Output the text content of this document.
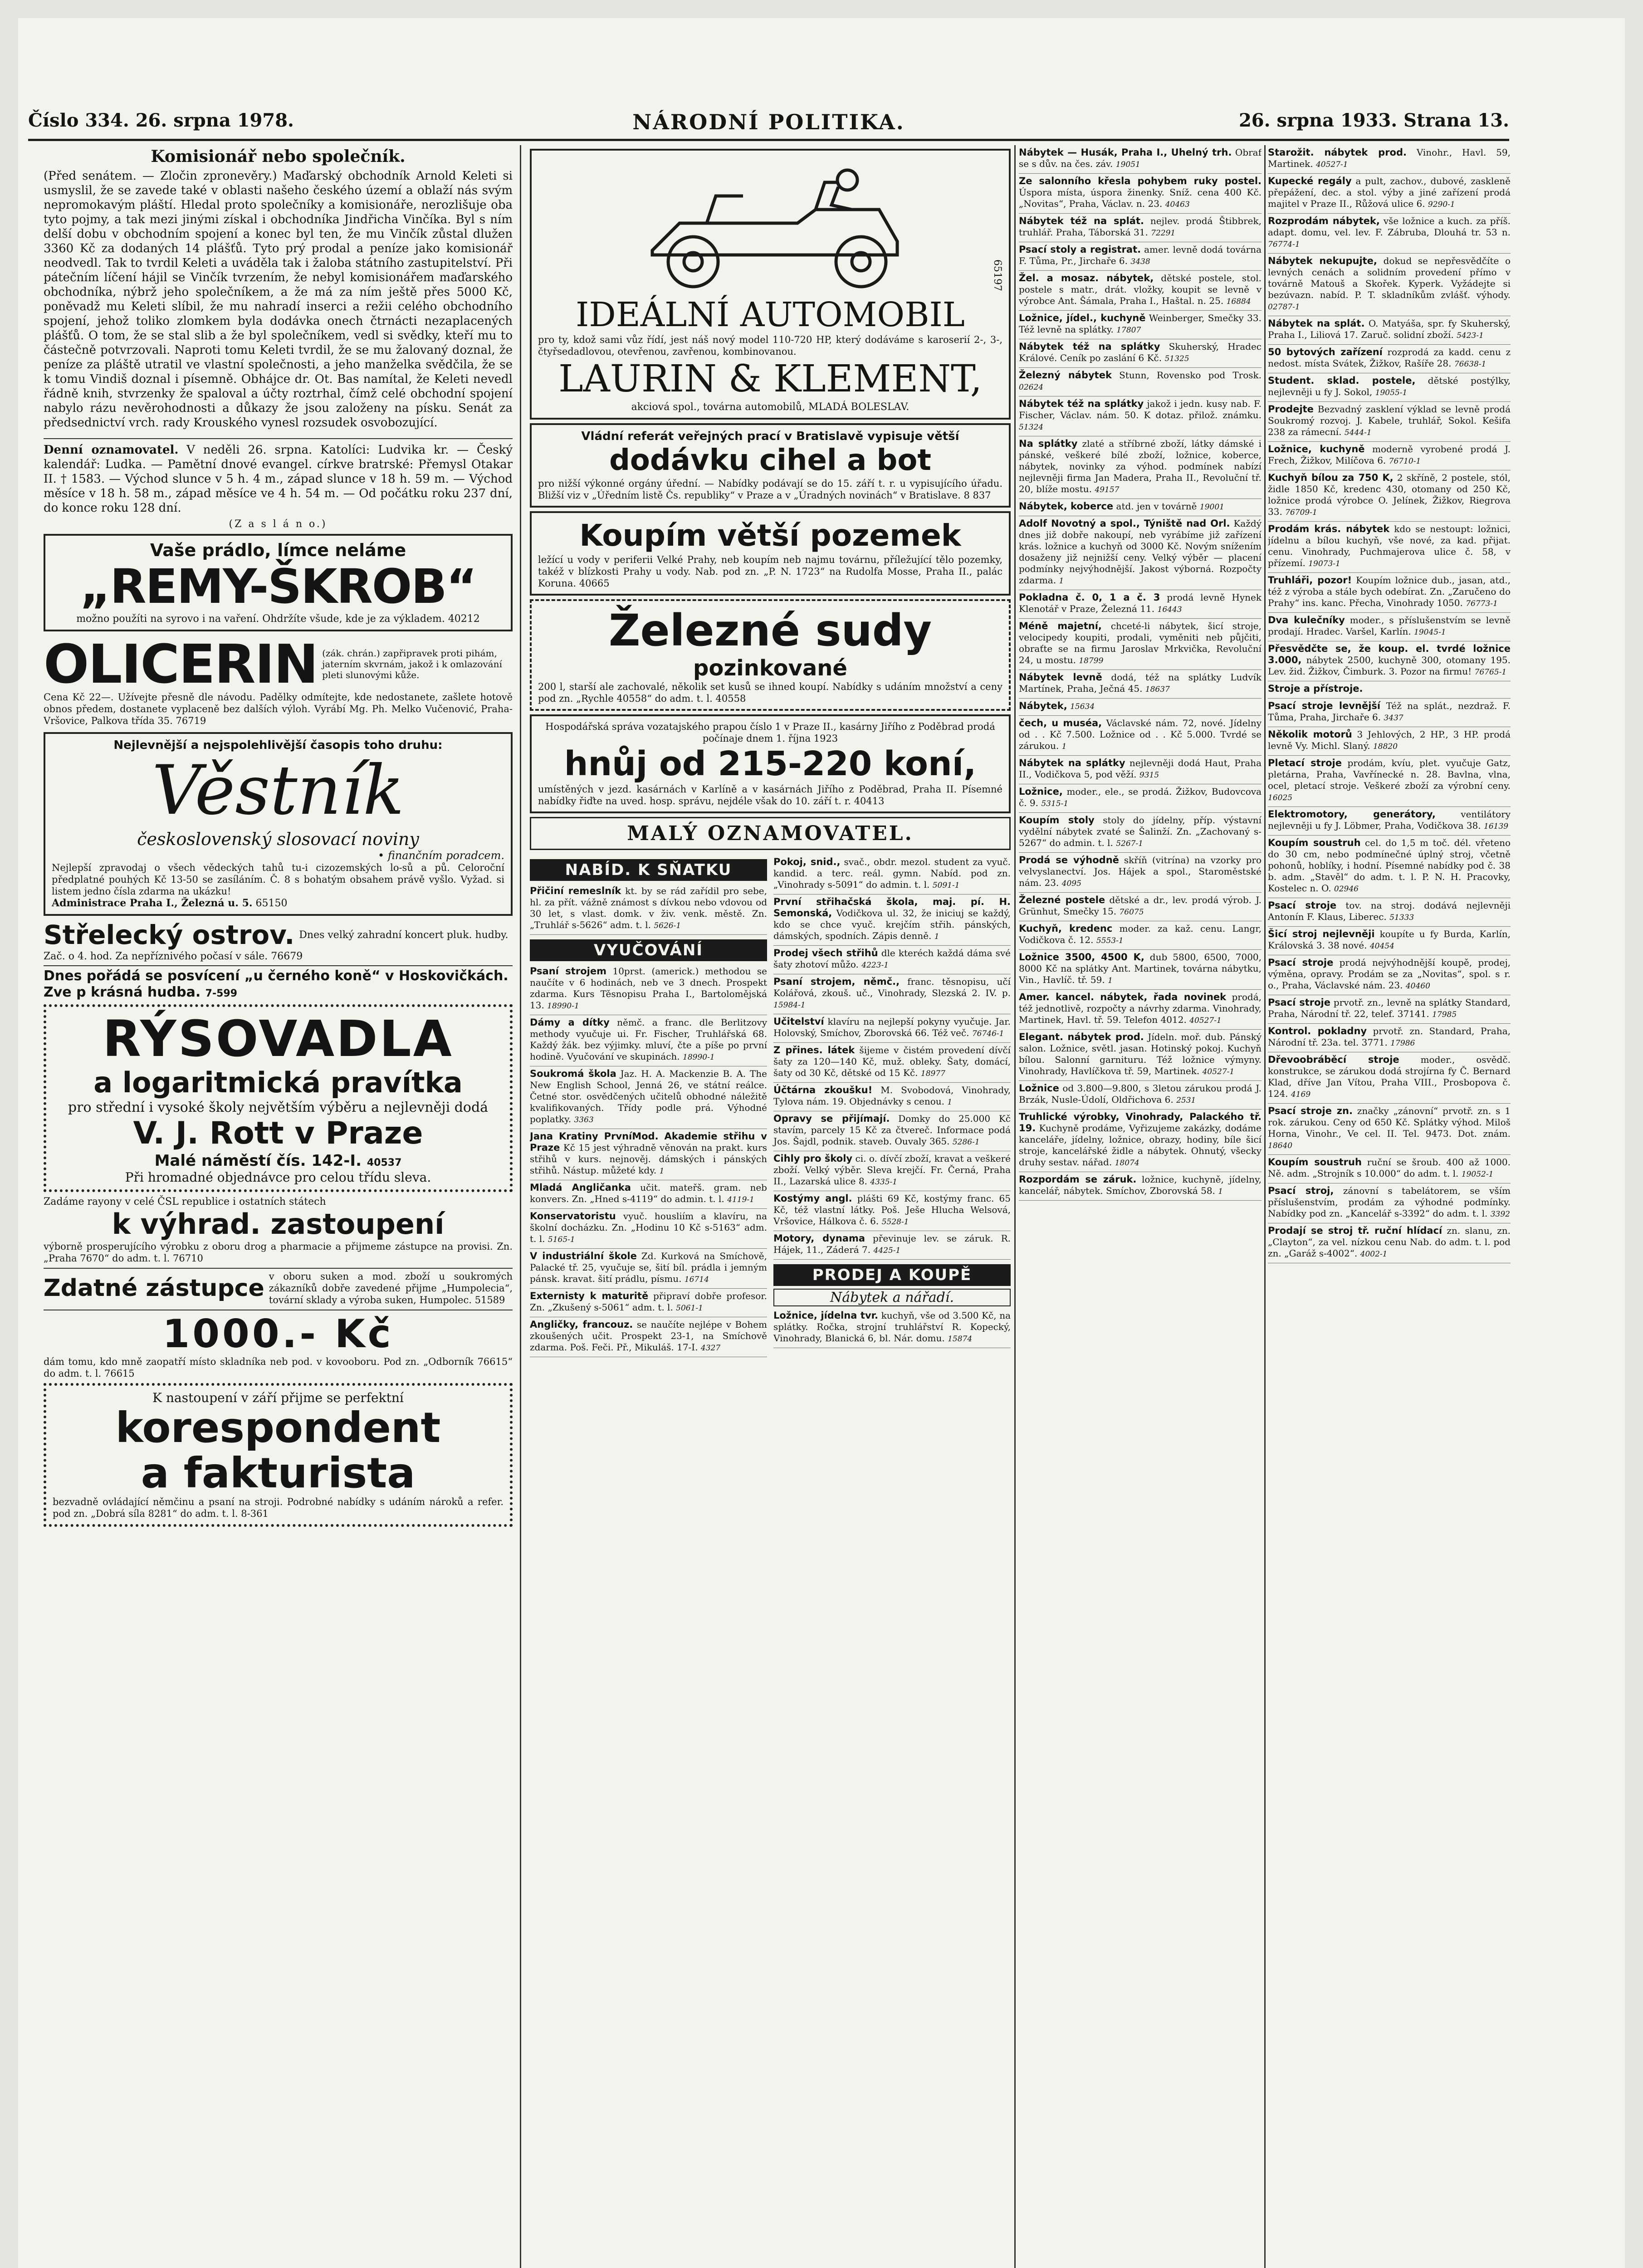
Číslo 334. 26. srpna 1978.	NÁRODNÍ POLITIKA.	26. srpna 1933. Strana 13.

Komisionář nebo společník.

(Před senátem. — Zločin zpronevěry.) Maďarský obchodník Arnold Keleti si usmyslil, že se zavede také v oblasti našeho českého území a oblaží nás svým nepromokavým pláští. Hledal proto společníky a komisionáře, nerozlišuje oba tyto pojmy, a tak mezi jinými získal i obchodníka Jindřicha Vinčíka. Byl s ním delší dobu v obchodním spojení a konec byl ten, že mu Vinčík zůstal dlužen 3360 Kč za dodaných 14 plášťů. Tyto prý prodal a peníze jako komisionář neodvedl. Tak to tvrdil Keleti a uváděla tak i žaloba státního zastupitelství. Při pátečním líčení hájil se Vinčík tvrzením, že nebyl komisionářem maďarského obchodníka, nýbrž jeho společníkem, a že má za ním ještě přes 5000 Kč, poněvadž mu Keleti slíbil, že mu nahradí inserci a režii celého obchodního spojení, jehož toliko zlomkem byla dodávka onech čtrnácti nezaplacených plášťů. O tom, že se stal slib a že byl společníkem, vedl si svědky, kteří mu to částečně potvrzovali. Naproti tomu Keleti tvrdil, že se mu žalovaný doznal, že peníze za pláště utratil ve vlastní společnosti, a jeho manželka svědčila, že se k tomu Vindiš doznal i písemně. Obhájce dr. Ot. Bas namítal, že Keleti nevedl řádně knih, stvrzenky že spaloval a účty roztrhal, čímž celé obchodní spojení nabylo rázu nevěrohodnosti a důkazy že jsou založeny na písku. Senát za předsednictví vrch. rady Krouského vynesl rozsudek osvobozující.

Denní oznamovatel. V neděli 26. srpna. Katolíci: Ludvika kr. — Český kalendář: Ludka. — Pamětní dnové evangel. církve bratrské: Přemysl Otakar II. † 1583. — Východ slunce v 5 h. 4 m., západ slunce v 18 h. 59 m. — Východ měsíce v 18 h. 58 m., západ měsíce ve 4 h. 54 m. — Od počátku roku 237 dní, do konce roku 128 dní.

(Z a s l á n o.)

Vaše prádlo, límce neláme

„REMY-ŠKROB“

možno použíti na syrovo i na vaření. Ohdržíte všude, kde je za výkladem. 40212

OLICERIN (zák. chrán.) zapřipravek proti pihám, jaterním skvrnám, jakož i k omlazování pleti slunovými kůže.

Cena Kč 22—. Užívejte přesně dle návodu. Padělky odmítejte, kde nedostanete, zašlete hotově obnos předem, dostanete vyplaceně bez dalších výloh. Vyrábí Mg. Ph. Melko Vučenović, Praha-Vršovice, Palkova třída 35. 76719

Nejlevnější a nejspolehlivější časopis toho druhu:

Věstník

československý slosovací noviny

• finančním poradcem.

Nejlepší zpravodaj o všech vědeckých tahů tu-i cizozemských lo-sů a pů. Celoroční předplatné pouhých Kč 13-50 se zasíláním. Č. 8 s bohatým obsahem právě vyšlo. Vyžad. si listem jedno čísla zdarma na ukázku!

Administrace Praha I., Železná u. 5. 65150

Střelecký ostrov. Dnes velký zahradní koncert pluk. hudby.

Zač. o 4. hod. Za nepříznivého počasí v sále. 76679

Dnes pořádá se posvícení „u černého koně“ v Hoskovičkách. Zve p krásná hudba. 7-599

RÝSOVADLA

a logaritmická pravítka

pro střední i vysoké školy největším výběru a nejlevněji dodá

V. J. Rott v Praze

Malé náměstí čís. 142-I. 40537

Při hromadné objednávce pro celou třídu sleva.

Zadáme rayony v celé ČSL republice i ostatních státech

k výhrad. zastoupení

výborně prosperujícího výrobku z oboru drog a pharmacie a přijmeme zástupce na provisi. Zn. „Praha 7670“ do adm. t. l. 76710

Zdatné zástupce v oboru suken a mod. zboží u soukromých zákazníků dobře zavedené přijme „Humpolecia“, tovární sklady a výroba suken, Humpolec. 51589

1000.- Kč

dám tomu, kdo mně zaopatří místo skladníka neb pod. v kovooboru. Pod zn. „Odborník 76615“ do adm. t. l. 76615

K nastoupení v září přijme se perfektní

korespondent

a fakturista

bezvadně ovládající němčinu a psaní na stroji. Podrobné nabídky s udáním nároků a refer. pod zn. „Dobrá síla 8281“ do adm. t. l. 8-361

IDEÁLNÍ AUTOMOBIL

pro ty, kdož sami vůz řídí, jest náš nový model 110-720 HP, který dodáváme s karoserií 2-, 3-, čtyřsedadlovou, otevřenou, zavřenou, kombinovanou.

LAURIN & KLEMENT,

akciová spol., továrna automobilů, MLADÁ BOLESLAV.

65197

Vládní referát veřejných prací v Bratislavě vypisuje větší

dodávku cihel a bot

pro nižší výkonné orgány úřední. — Nabídky podávají se do 15. září t. r. u vypisujícího úřadu. Bližší viz v „Úředním listě Čs. republiky“ v Praze a v „Úradných novinách“ v Bratislave. 8 837

Koupím větší pozemek

ležící u vody v periferii Velké Prahy, neb koupím neb najmu továrnu, příležující tělo pozemky, takéž v blízkosti Prahy u vody. Nab. pod zn. „P. N. 1723“ na Rudolfa Mosse, Praha II., palác Koruna. 40665

Železné sudy

pozinkované

200 l, starší ale zachovalé, několik set kusů se ihned koupí. Nabídky s udáním množství a ceny pod zn. „Rychle 40558“ do adm. t. l. 40558

Hospodářská správa vozatajského prapou číslo 1 v Praze II., kasárny Jiřího z Poděbrad prodá počínaje dnem 1. října 1923

hnůj od 215-220 koní,

umístěných v jezd. kasárnách v Karlíně a v kasárnách Jiřího z Poděbrad, Praha II. Písemné nabídky řiďte na uved. hosp. správu, nejdéle však do 10. září t. r. 40413

MALÝ OZNAMOVATEL.

NABÍD. K SŇATKU

Přičiní remeslník kt. by se rád zařídil pro sebe, hl. za přít. vážně známost s dívkou nebo vdovou od 30 let, s vlast. domk. v živ. venk. městě. Zn. „Truhlář s-5626“ adm. t. l. 5626-1

VYUČOVÁNÍ

Psaní strojem 10prst. (americk.) methodou se naučíte v 6 hodinách, neb ve 3 dnech. Prospekt zdarma. Kurs Těsnopisu Praha I., Bartolomějská 13. 18990-1
Dámy a dítky němč. a franc. dle Berlitzovy methody vyučuje ui. Fr. Fischer, Truhlářská 68. Každý žák. bez výjimky. mluví, čte a píše po první hodině. Vyučování ve skupinách. 18990-1
Soukromá škola Jaz. H. A. Mackenzie B. A. The New English School, Jenná 26, ve státní reálce. Četné stor. osvědčených učitelů obhodné náležitě kvalifikovaných. Třídy podle prá. Výhodné poplatky. 3363
Jana Kratiny PrvníMod. Akademie střihu v Praze Kč 15 jest výhradně věnován na prakt. kurs střihů v kurs. nejnověj. dámských i pánských střihů. Nástup. můžeté kdy. 1
Mladá Angličanka učit. mateřš. gram. neb konvers. Zn. „Hned s-4119“ do admin. t. l. 4119-1
Konservatoristu vyuč. housliím a klavíru, na školní docházku. Zn. „Hodinu 10 Kč s-5163“ adm. t. l. 5165-1
V industriální škole Zd. Kurková na Smíchově, Palacké tř. 25, vyučuje se, šití bíl. prádla i jemným pánsk. kravat. šití prádlu, písmu. 16714
Externisty k maturitě připraví dobře profesor. Zn. „Zkušený s-5061“ adm. t. l. 5061-1
Angličky, francouz. se naučíte nejlépe v Bohem zkoušených učit. Prospekt 23-1, na Smíchově zdarma. Poš. Feči. Př., Mikuláš. 17-I. 4327
Pokoj, snid., svač., obdr. mezol. student za vyuč. kandid. a terc. reál. gymn. Nabíd. pod zn. „Vinohrady s-5091“ do admin. t. l. 5091-1
První střihačská škola, maj. pí. H. Semonská, Vodičkova ul. 32, že iniciuj se každý, kdo se chce vyuč. krejčím střih. pánských, dámských, spodních. Zápis denně. 1
Prodej všech střihů dle kteréch každá dáma své šaty zhotoví můžo. 4223-1
Psaní strojem, němč., franc. těsnopisu, učí Kolářová, zkouš. uč., Vinohrady, Slezská 2. IV. p. 15984-1
Učitelství klavíru na nejlepší pokyny vyučuje. Jar. Holovský, Smíchov, Zborovská 66. Též več. 76746-1
Z přines. látek šijeme v čistém provedení dívčí šaty za 120—140 Kč, muž. obleky. Šaty, domácí, šaty od 30 Kč, dětské od 15 Kč. 18977
Účtárna zkoušku! M. Svobodová, Vinohrady, Tylova nám. 19. Objednávky s cenou. 1
Opravy se přijímají. Domky do 25.000 Kč stavím, parcely 15 Kč za čtvereč. Informace podá Jos. Šajdl, podnik. staveb. Ouvaly 365. 5286-1
Cihly pro školy ci. o. dívčí zboží, kravat a veškeré zboží. Velký výběr. Sleva krejčí. Fr. Černá, Praha II., Lazarská ulice 8. 4335-1
Kostýmy angl. plášti 69 Kč, kostýmy franc. 65 Kč, též vlastní látky. Poš. Ješe Hlucha Welsová, Vršovice, Hálkova č. 6. 5528-1
Motory, dynama převinuje lev. se záruk. R. Hájek, 11., Záderá 7. 4425-1

PRODEJ A KOUPĚ

Nábytek a nářadí.

Ložnice, jídelna tvr. kuchyň, vše od 3.500 Kč, na splátky. Ročka, strojní truhlářství R. Kopecký, Vinohrady, Blanická 6, bl. Nár. domu. 15874
Nábytek — Husák, Praha I., Uhelný trh. Obraf se s dův. na čes. záv. 19051
Ze salonního křesla pohybem ruky postel. Úspora místa, úspora žinenky. Sníž. cena 400 Kč. „Novitas“, Praha, Václav. n. 23. 40463
Nábytek též na splát. nejlev. prodá Štibbrek, truhlář. Praha, Táborská 31. 72291
Psací stoly a registrat. amer. levně dodá továrna F. Tůma, Pr., Jirchaře 6. 3438
Žel. a mosaz. nábytek, dětské postele, stol. postele s matr., drát. vložky, koupit se levně v výrobce Ant. Šámala, Praha I., Haštal. n. 25. 16884
Ložnice, jídel., kuchyně Weinberger, Smečky 33. Též levně na splátky. 17807
Nábytek též na splátky Skuherský, Hradec Králové. Ceník po zaslání 6 Kč. 51325
Železný nábytek Stunn, Rovensko pod Trosk. 02624
Nábytek též na splátky jakož i jedn. kusy nab. F. Fischer, Václav. nám. 50. K dotaz. přilož. známku. 51324
Na splátky zlaté a stříbrné zboží, látky dámské i pánské, veškeré bílé zboží, ložnice, koberce, nábytek, novinky za výhod. podmínek nabízí nejlevněji firma Jan Madera, Praha II., Revoluční tř. 20, blíže mostu. 49157
Nábytek, koberce atd. jen v továrně 19001
Adolf Novotný a spol., Týniště nad Orl. Každý dnes již dobře nakoupí, neb vyrábíme již zařízení krás. ložnice a kuchyň od 3000 Kč. Novým snížením dosaženy již nejnižší ceny. Velký výběr — placení podmínky nejvýhodnější. Jakost výborná. Rozpočty zdarma. 1
Pokladna č. 0, 1 a č. 3 prodá levně Hynek Klenotář v Praze, Železná 11. 16443
Méně majetní, chceté-li nábytek, šicí stroje, velocipedy koupiti, prodali, vyměniti neb půjčiti, obraťte se na firmu Jaroslav Mrkvička, Revoluční 24, u mostu. 18799
Nábytek levně dodá, též na splátky Ludvík Martínek, Praha, Ječná 45. 18637
Nábytek, 15634
čech, u muséa, Václavské nám. 72, nové. Jídelny od . . Kč 7.500. Ložnice od . . Kč 5.000. Tvrdé se zárukou. 1
Nábytek na splátky nejlevněji dodá Haut, Praha II., Vodičkova 5, pod věží. 9315
Ložnice, moder., ele., se prodá. Žižkov, Budovcova č. 9. 5315-1
Koupím stoly stoly do jídelny, příp. výstavní vydělní nábytek zvaté se Šalinží. Zn. „Zachovaný s-5267“ do admin. t. l. 5267-1
Prodá se výhodně skříň (vitrína) na vzorky pro velvyslanectví. Jos. Hájek a spol., Staroměstské nám. 23. 4095
Železné postele dětské a dr., lev. prodá výrob. J. Grünhut, Smečky 15. 76075
Kuchyň, kredenc moder. za kaž. cenu. Langr, Vodičkova č. 12. 5553-1
Ložnice 3500, 4500 K, dub 5800, 6500, 7000, 8000 Kč na splátky Ant. Martinek, továrna nábytku, Vin., Havlíč. tř. 59. 1
Amer. kancel. nábytek, řada novinek prodá, též jednotlivě, rozpočty a návrhy zdarma. Vinohrady, Martinek, Havl. tř. 59. Telefon 4012. 40527-1
Elegant. nábytek prod. Jídeln. moř. dub. Pánský salon. Ložnice, světl. jasan. Hotinský pokoj. Kuchyň bílou. Salonní garnituru. Též ložnice výmyny. Vinohrady, Havlíčkova tř. 59, Martinek. 40527-1
Ložnice od 3.800—9.800, s 3letou zárukou prodá J. Brzák, Nusle-Údolí, Oldřichova 6. 2531
Truhlické výrobky, Vinohrady, Palackého tř. 19. Kuchyně prodáme, Vyřizujeme zakázky, dodáme kanceláře, jídelny, ložnice, obrazy, hodiny, bíle šicí stroje, kancelářské židle a nábytek. Ohnutý, všecky druhy sestav. nářad. 18074
Rozpordám se záruk. ložnice, kuchyně, jídelny, kancelář, nábytek. Smíchov, Zborovská 58. 1
Starožit. nábytek prod. Vinohr., Havl. 59, Martinek. 40527-1
Kupecké regály a pult, zachov., dubové, zaskleně přepážení, dec. a stol. výby a jiné zařízení prodá majitel v Praze II., Růžová ulice 6. 9290-1
Rozprodám nábytek, vše ložnice a kuch. za příš. adapt. domu, vel. lev. F. Zábruba, Dlouhá tr. 53 n. 76774-1
Nábytek nekupujte, dokud se nepřesvědčíte o levných cenách a solidním provedení přímo v továrně Matouš a Skořek. Kyperk. Vyžádejte si bezúvazn. nabíd. P. T. skladníkům zvlášť. výhody. 02787-1
Nábytek na splát. O. Matyáša, spr. fy Skuherský, Praha I., Liliová 17. Zaruč. solidní zboží. 5423-1
50 bytových zařízení rozprodá za kadd. cenu z nedost. místa Svátek, Žižkov, Rašíře 28. 76638-1
Student. sklad. postele, dětské postýlky, nejlevněji u fy J. Sokol, 19055-1
Prodejte Bezvadný zasklení výklad se levně prodá Soukromý rozvoj. J. Kabele, truhlář, Sokol. Kešifa 238 za rámecní. 5444-1
Ložnice, kuchyně moderně vyrobené prodá J. Frech, Žižkov, Milíčova 6. 76710-1
Kuchyň bílou za 750 K, 2 skříně, 2 postele, stól, židle 1850 Kč, kredenc 430, otomany od 250 Kč, ložnice prodá výrobce O. Jelínek, Žižkov, Riegrova 33. 76709-1
Prodám krás. nábytek kdo se nestoupt: ložnici, jídelnu a bílou kuchyň, vše nové, za kad. přijat. cenu. Vinohrady, Puchmajerova ulice č. 58, v přízemí. 19073-1
Truhláři, pozor! Koupím ložnice dub., jasan, atd., též z výroba a stále bych odebírat. Zn. „Zaručeno do Prahy“ ins. kanc. Přecha, Vinohrady 1050. 76773-1
Dva kulečníky moder., s příslušenstvím se levně prodají. Hradec. Varšel, Karlín. 19045-1
Přesvědčte se, že koup. el. tvrdé ložnice 3.000, nábytek 2500, kuchyně 300, otomany 195. Lev. žid. Žižkov, Čimburk. 3. Pozor na firmu! 76765-1
Stroje a přístroje.
Psací stroje levnější Též na splát., nezdraž. F. Tůma, Praha, Jirchaře 6. 3437
Několik motorů 3 Jehlových, 2 HP., 3 HP. prodá levně Vy. Michl. Slaný. 18820
Pletací stroje prodám, kvíu, plet. vyučuje Gatz, pletárna, Praha, Vavřínecké n. 28. Bavlna, vlna, ocel, pletací stroje. Veškeré zboží za výrobní ceny. 16025
Elektromotory, generátory,	ventilátory nejlevněji u fy J. Löbmer, Praha, Vodičkova 38. 16139
Koupím soustruh cel. do 1,5 m toč. dél. vřeteno do 30 cm, nebo podmínečné úplný stroj, včetně pohonů, hoblíky, i hodní. Písemné nabídky pod č. 38 b. adm. „Stavěl“ do adm. t. l. P. N. H. Pracovky, Kostelec n. O. 02946
Psací stroje tov. na stroj. dodává nejlevněji Antonín F. Klaus, Liberec. 51333
Šicí stroj nejlevněji koupíte u fy Burda, Karlín, Královská 3. 38 nové. 40454
Psací stroje prodá nejvýhodnější koupě, prodej, výměna, opravy. Prodám se za „Novitas“, spol. s r. o., Praha, Václavské nám. 23. 40460
Psací stroje prvotř. zn., levně na splátky Standard, Praha, Národní tř. 22, telef. 37141. 17985
Kontrol. pokladny prvotř. zn. Standard, Praha, Národní tř. 23a. tel. 3771. 17986
Dřevoobráběcí stroje moder., osvědč. konstrukce, se zárukou dodá strojírna fy Č. Bernard Klad, dříve Jan Vítou, Praha VIII., Prosbopova č. 124. 4169
Psací stroje zn. značky „zánovní“ prvotř. zn. s 1 rok. zárukou. Ceny od 650 Kč. Splátky výhod. Miloš Horna, Vinohr., Ve cel. II. Tel. 9473. Dot. znám. 18640
Koupím soustruh ruční se šroub. 400 až 1000. Ně. adm. „Strojník s 10.000“ do adm. t. l. 19052-1
Psací stroj, zánovní s tabelátorem, se vším příslušenstvím, prodám za výhodné podmínky. Nabídky pod zn. „Kancelář s-3392“ do adm. t. l. 3392
Prodají se stroj tř. ruční hlídací zn. slanu, zn. „Clayton“, za vel. nízkou cenu Nab. do adm. t. l. pod zn. „Garáž s-4002“. 4002-1
